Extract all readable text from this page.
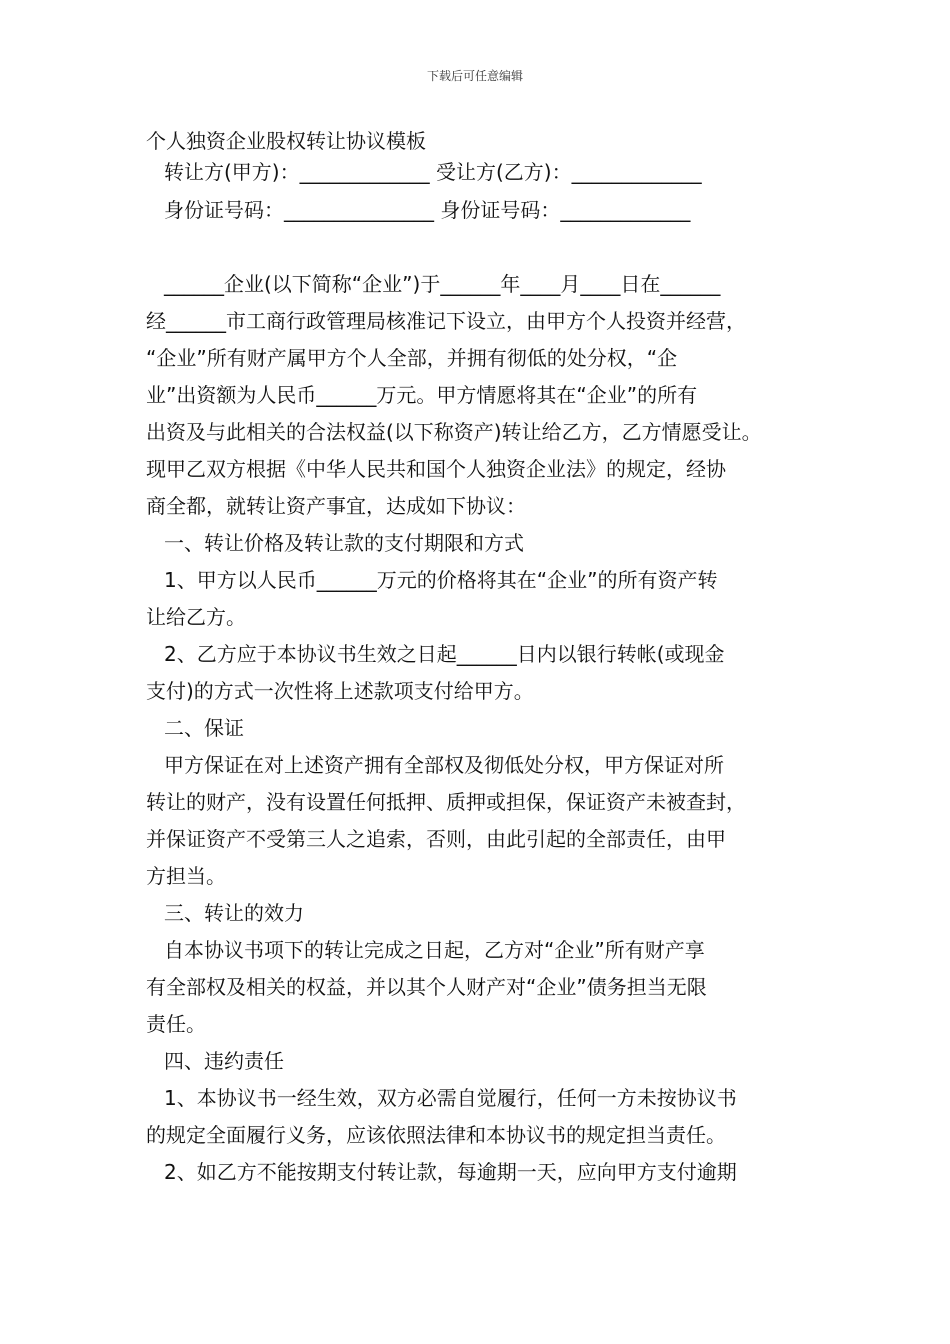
下载后可任意编辑
个人独资企业股权转让协议模板
转让方(甲方)：_____________ 受让方(乙方)：_____________
身份证号码：_______________ 身份证号码：_____________
______企业(以下简称“企业”)于______年____月____日在______
经______市工商行政管理局核准记下设立，由甲方个人投资并经营，
“企业”所有财产属甲方个人全部，并拥有彻低的处分权，“企
业”出资额为人民币______万元。甲方情愿将其在“企业”的所有
出资及与此相关的合法权益(以下称资产)转让给乙方，乙方情愿受让。
现甲乙双方根据《中华人民共和国个人独资企业法》的规定，经协
商全都，就转让资产事宜，达成如下协议：
一、转让价格及转让款的支付期限和方式
1、甲方以人民币______万元的价格将其在“企业”的所有资产转
让给乙方。
2、乙方应于本协议书生效之日起______日内以银行转帐(或现金
支付)的方式一次性将上述款项支付给甲方。
二、保证
甲方保证在对上述资产拥有全部权及彻低处分权，甲方保证对所
转让的财产，没有设置任何抵押、质押或担保，保证资产未被查封，
并保证资产不受第三人之追索，否则，由此引起的全部责任，由甲
方担当。
三、转让的效力
自本协议书项下的转让完成之日起，乙方对“企业”所有财产享
有全部权及相关的权益，并以其个人财产对“企业”债务担当无限
责任。
四、违约责任
1、本协议书一经生效，双方必需自觉履行，任何一方未按协议书
的规定全面履行义务，应该依照法律和本协议书的规定担当责任。
2、如乙方不能按期支付转让款，每逾期一天，应向甲方支付逾期
